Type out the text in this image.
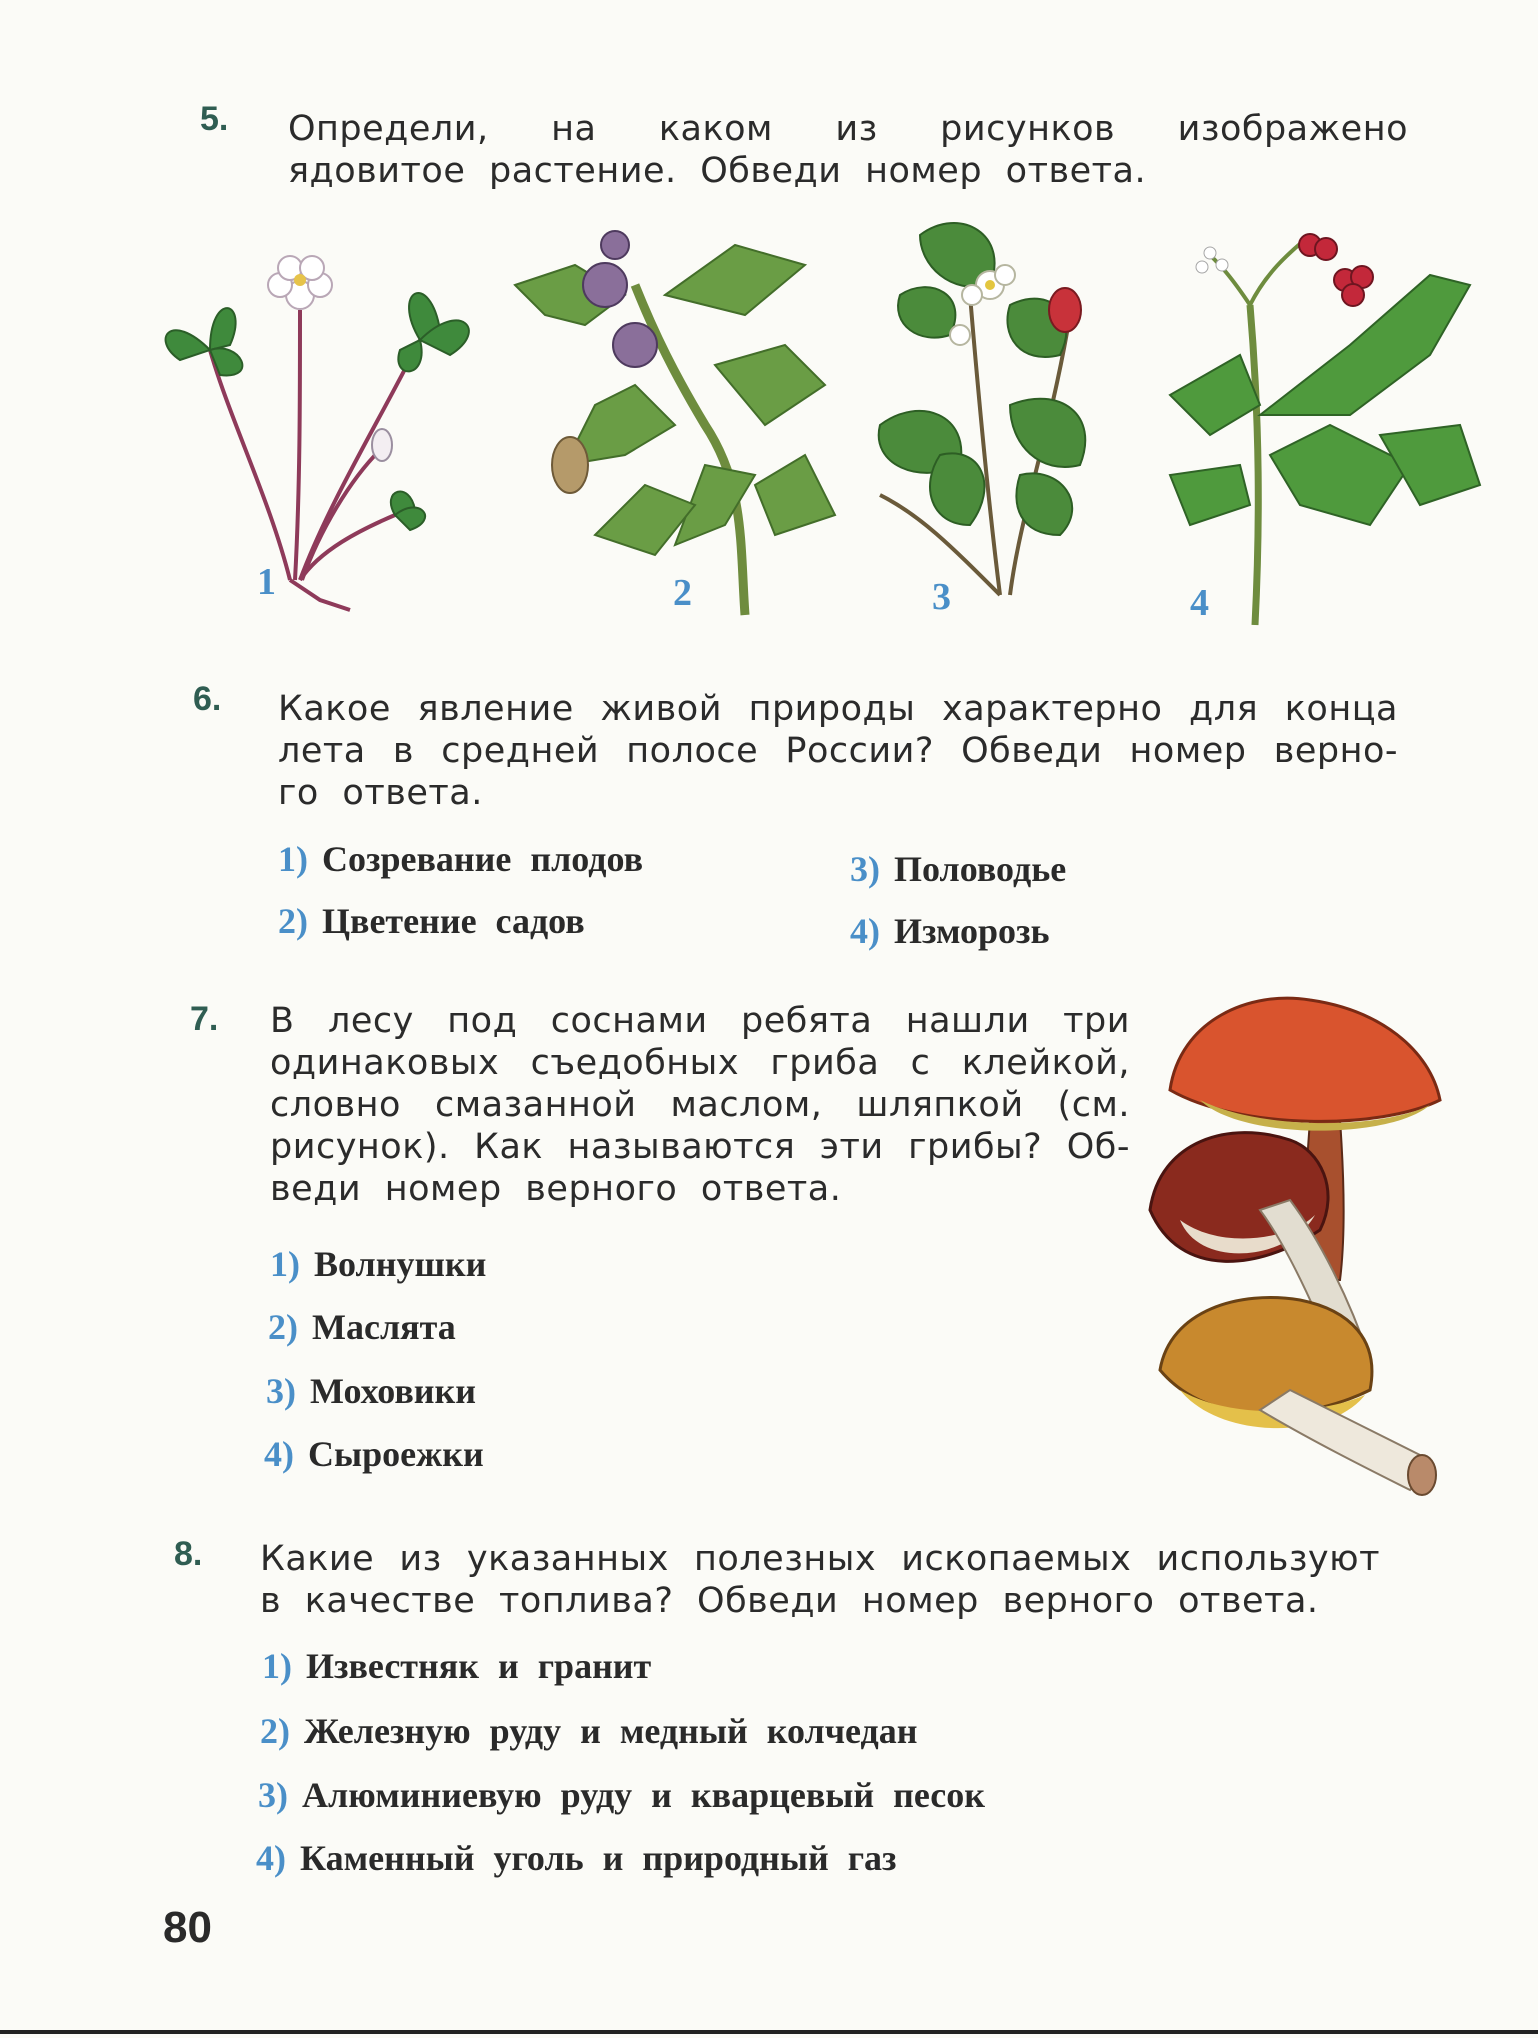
5. Определи, на каком из рисунков изображено ядовитое растение. Обведи номер ответа.
1	2	3	4
6. Какое явление живой природы характерно для конца лета в средней полосе России? Обведи номер верно-го ответа.
1) Созревание плодов
2) Цветение садов
3) Половодье
4) Изморозь
7. В лесу под соснами ребята нашли три одинаковых съедобных гриба с клейкой, словно смазанной маслом, шляпкой (см. рисунок). Как называются эти грибы? Об-веди номер верного ответа.
1) Волнушки
2) Маслята
3) Моховики
4) Сыроежки
8. Какие из указанных полезных ископаемых используют в качестве топлива? Обведи номер верного ответа.
1) Известняк и гранит
2) Железную руду и медный колчедан
3) Алюминиевую руду и кварцевый песок
4) Каменный уголь и природный газ
80
